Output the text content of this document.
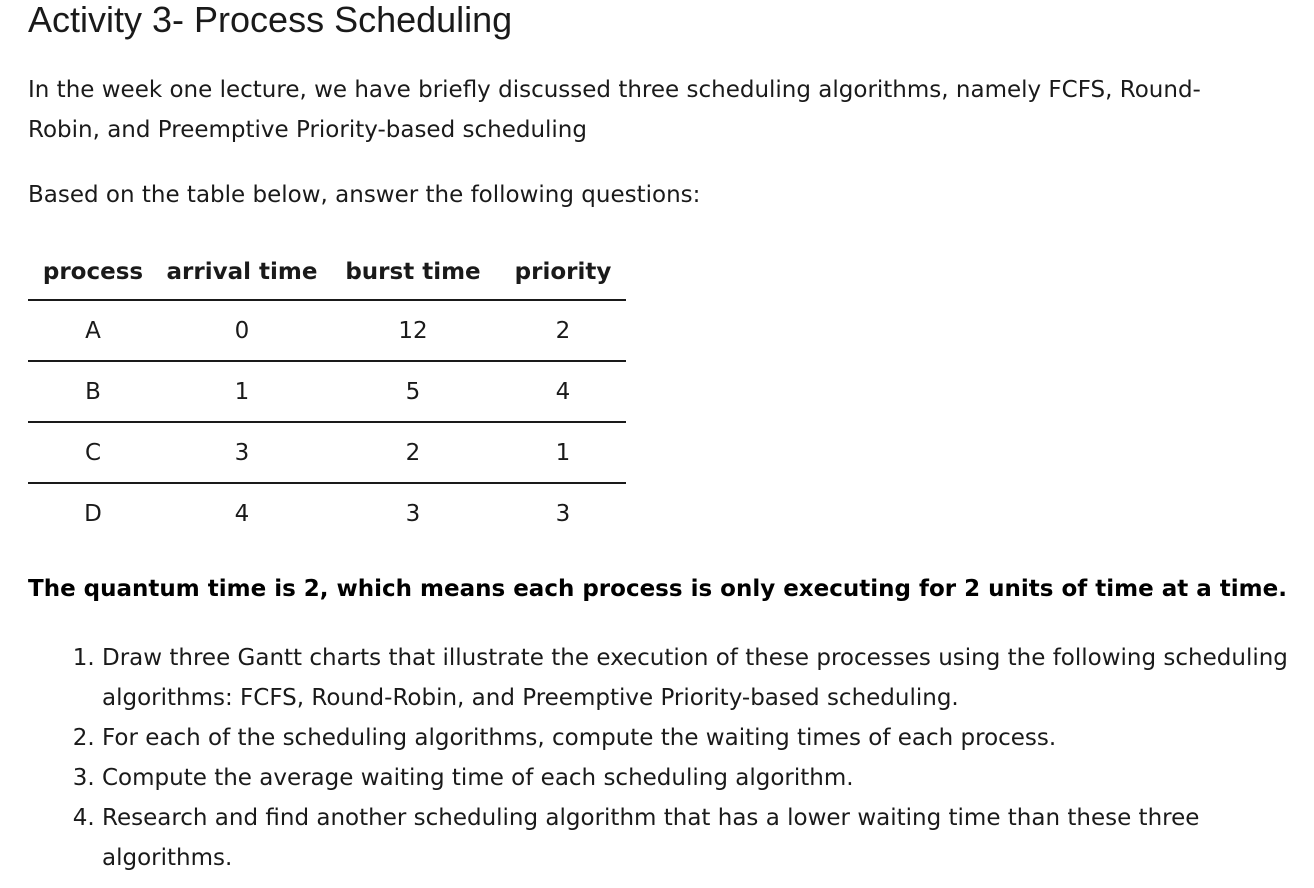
Activity 3- Process Scheduling

In the week one lecture, we have briefly discussed three scheduling algorithms, namely FCFS, Round-Robin, and Preemptive Priority-based scheduling

Based on the table below, answer the following questions:

process	arrival time	burst time	priority
A	0	12	2
B	1	5	4
C	3	2	1
D	4	3	3

The quantum time is 2, which means each process is only executing for 2 units of time at a time.

1. Draw three Gantt charts that illustrate the execution of these processes using the following scheduling algorithms: FCFS, Round-Robin, and Preemptive Priority-based scheduling.
2. For each of the scheduling algorithms, compute the waiting times of each process.
3. Compute the average waiting time of each scheduling algorithm.
4. Research and find another scheduling algorithm that has a lower waiting time than these three algorithms.
